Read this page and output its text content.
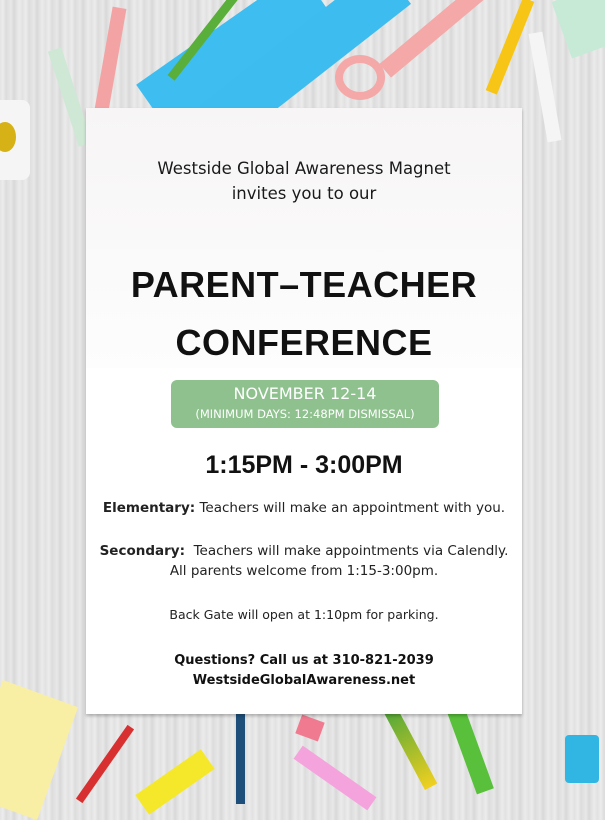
Westside Global Awareness Magnet
invites you to our
PARENT–TEACHER
CONFERENCE
NOVEMBER 12-14
(MINIMUM DAYS: 12:48PM DISMISSAL)
1:15PM - 3:00PM
Elementary: Teachers will make an appointment with you.
Secondary:  Teachers will make appointments via Calendly.
All parents welcome from 1:15-3:00pm.
Back Gate will open at 1:10pm for parking.
Questions? Call us at 310-821-2039
WestsideGlobalAwareness.net
